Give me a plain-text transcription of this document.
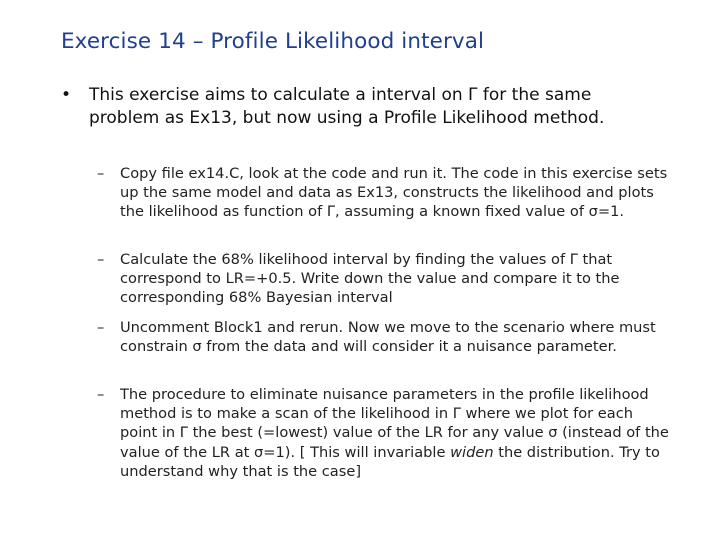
Exercise 14 – Profile Likelihood interval
• This exercise aims to calculate a interval on Γ for the same problem as Ex13, but now using a Profile Likelihood method.
– Copy file ex14.C, look at the code and run it. The code in this exercise sets up the same model and data as Ex13, constructs the likelihood and plots the likelihood as function of Γ, assuming a known fixed value of σ=1.
– Calculate the 68% likelihood interval by finding the values of Γ that correspond to LR=+0.5. Write down the value and compare it to the corresponding 68% Bayesian interval
– Uncomment Block1 and rerun. Now we move to the scenario where must constrain σ from the data and will consider it a nuisance parameter.
– The procedure to eliminate nuisance parameters in the profile likelihood method is to make a scan of the likelihood in Γ where we plot for each point in Γ the best (=lowest) value of the LR for any value σ (instead of the value of the LR at σ=1). [ This will invariable widen the distribution. Try to understand why that is the case]
